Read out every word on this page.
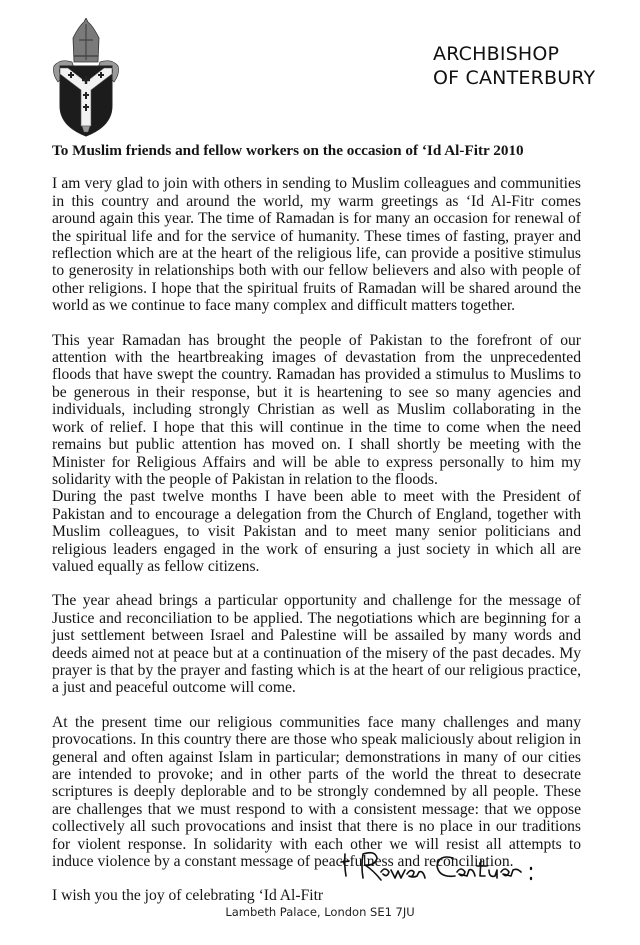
ARCHBISHOP
OF CANTERBURY

To Muslim friends and fellow workers on the occasion of ‘Id Al-Fitr 2010

I am very glad to join with others in sending to Muslim colleagues and communities in this country and around the world, my warm greetings as ‘Id Al-Fitr comes around again this year. The time of Ramadan is for many an occasion for renewal of the spiritual life and for the service of humanity. These times of fasting, prayer and reflection which are at the heart of the religious life, can provide a positive stimulus to generosity in relationships both with our fellow believers and also with people of other religions. I hope that the spiritual fruits of Ramadan will be shared around the world as we continue to face many complex and difficult matters together.

This year Ramadan has brought the people of Pakistan to the forefront of our attention with the heartbreaking images of devastation from the unprecedented floods that have swept the country. Ramadan has provided a stimulus to Muslims to be generous in their response, but it is heartening to see so many agencies and individuals, including strongly Christian as well as Muslim collaborating in the work of relief. I hope that this will continue in the time to come when the need remains but public attention has moved on. I shall shortly be meeting with the Minister for Religious Affairs and will be able to express personally to him my solidarity with the people of Pakistan in relation to the floods.

During the past twelve months I have been able to meet with the President of Pakistan and to encourage a delegation from the Church of England, together with Muslim colleagues, to visit Pakistan and to meet many senior politicians and religious leaders engaged in the work of ensuring a just society in which all are valued equally as fellow citizens.

The year ahead brings a particular opportunity and challenge for the message of Justice and reconciliation to be applied. The negotiations which are beginning for a just settlement between Israel and Palestine will be assailed by many words and deeds aimed not at peace but at a continuation of the misery of the past decades. My prayer is that by the prayer and fasting which is at the heart of our religious practice, a just and peaceful outcome will come.

At the present time our religious communities face many challenges and many provocations. In this country there are those who speak maliciously about religion in general and often against Islam in particular; demonstrations in many of our cities are intended to provoke; and in other parts of the world the threat to desecrate scriptures is deeply deplorable and to be strongly condemned by all people. These are challenges that we must respond to with a consistent message: that we oppose collectively all such provocations and insist that there is no place in our traditions for violent response. In solidarity with each other we will resist all attempts to induce violence by a constant message of peacefulness and reconciliation.

I wish you the joy of celebrating ‘Id Al-Fitr

Lambeth Palace, London SE1 7JU
